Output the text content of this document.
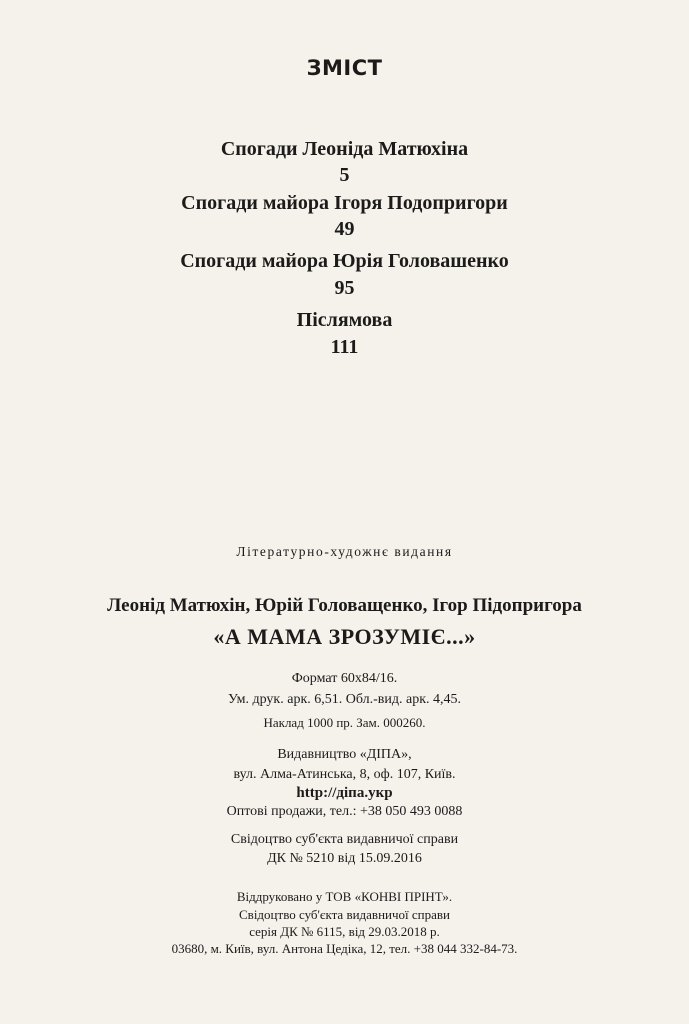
ЗМІСТ
Спогади Леоніда Матюхіна
5
Спогади майора Ігоря Подопригори
49
Спогади майора Юрія Головашенко
95
Післямова
111
Літературно-художнє видання
Леонід Матюхін, Юрій Головащенко, Ігор Підопригора
«А МАМА ЗРОЗУМІЄ...»
Формат 60х84/16.
Ум. друк. арк. 6,51. Обл.-вид. арк. 4,45.
Наклад 1000 пр. Зам. 000260.
Видавництво «ДІПА»,
вул. Алма-Атинська, 8, оф. 107, Київ.
http://діпа.укр
Оптові продажи, тел.: +38 050 493 0088
Свідоцтво суб'єкта видавничої справи
ДК № 5210 від 15.09.2016
Віддруковано у ТОВ «КОНВІ ПРІНТ».
Свідоцтво суб'єкта видавничої справи
серія ДК № 6115, від 29.03.2018 р.
03680, м. Київ, вул. Антона Цедіка, 12, тел. +38 044 332-84-73.
